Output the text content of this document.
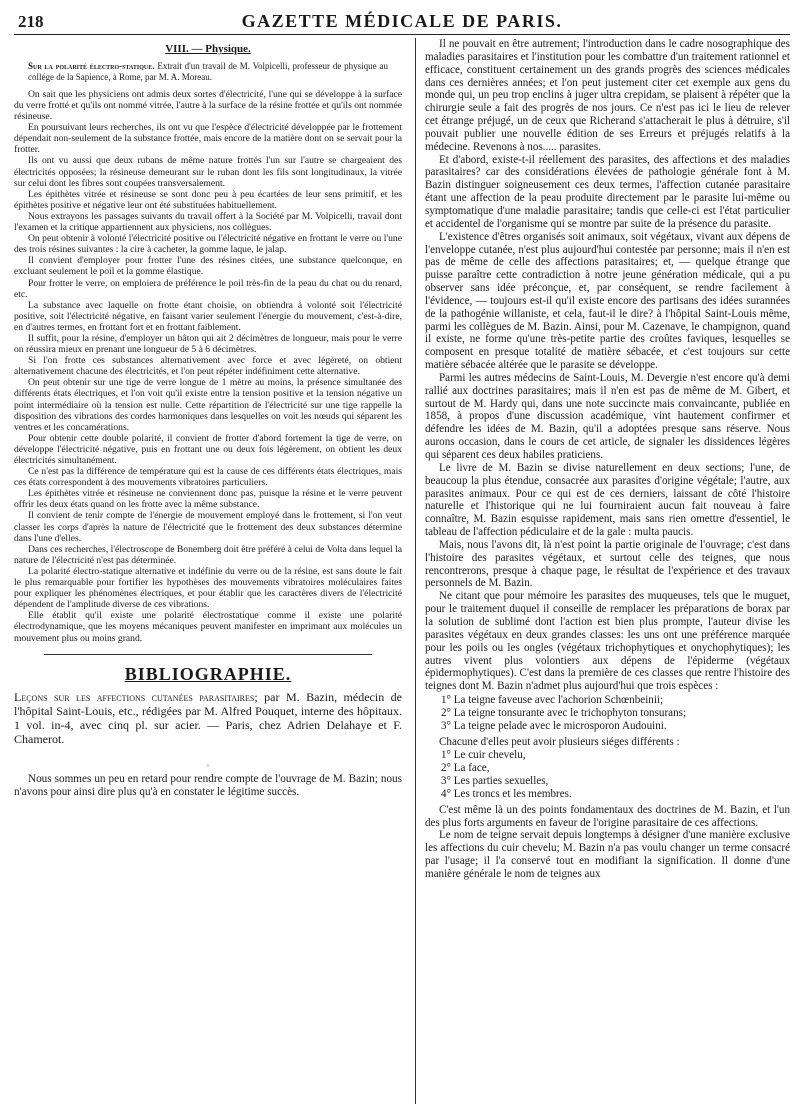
218	GAZETTE MÉDICALE DE PARIS.
VIII. — Physique.

Sur la polarité électro-statique. Extrait d'un travail de M. Volpicelli, professeur de physique au collége de la Sapience, à Rome, par M. A. Moreau.

On sait que les physiciens ont admis deux sortes d'électricité, l'une qui se développe à la surface du verre frotté et qu'ils ont nommé vitrée, l'autre à la surface de la résine frottée et qu'ils ont nommée résineuse.

En poursuivant leurs recherches, ils ont vu que l'espèce d'électricité développée par le frottement dépendait non-seulement de la substance frottée, mais encore de la matière dont on se servait pour la frotter.

Ils ont vu aussi que deux rubans de même nature frottés l'un sur l'autre se chargeaient des électricités opposées; la résineuse demeurant sur le ruban dont les fils sont longitudinaux, la vitrée sur celui dont les fibres sont coupées transversalement.

Les épithètes vitrée et résineuse se sont donc peu à peu écartées de leur sens primitif, et les épithètes positive et négative leur ont été substituées habituellement.

Nous extrayons les passages suivants du travail offert à la Société par M. Volpicelli, travail dont l'examen et la critique appartiennent aux physiciens, nos collègues.

On peut obtenir à volonté l'électricité positive ou l'électricité négative en frottant le verre ou l'une des trois résines suivantes : la cire à cacheter, la gomme laque, le jalap.

Il convient d'employer pour frotter l'une des résines citées, une substance quelconque, en excluant seulement le poil et la gomme élastique.

Pour frotter le verre, on emploiera de préférence le poil très-fin de la peau du chat ou du renard, etc.

La substance avec laquelle on frotte étant choisie, on obtiendra à volonté soit l'électricité positive, soit l'électricité négative, en faisant varier seulement l'énergie du mouvement, c'est-à-dire, en d'autres termes, en frottant fort et en frottant faiblement.

Il suffit, pour la résine, d'employer un bâton qui ait 2 décimètres de longueur, mais pour le verre on réussira mieux en prenant une longueur de 5 à 6 décimètres.

Si l'on frotte ces substances alternativement avec force et avec légèreté, on obtient alternativement chacune des électricités, et l'on peut répéter indéfiniment cette alternative.

On peut obtenir sur une tige de verre longue de 1 mètre au moins, la présence simultanée des différents états électriques, et l'on voit qu'il existe entre la tension positive et la tension négative un point intermédiaire où la tension est nulle. Cette répartition de l'électricité sur une tige rappelle la disposition des vibrations des cordes harmoniques dans lesquelles on voit les nœuds qui séparent les ventres et les concamérations.

Pour obtenir cette double polarité, il convient de frotter d'abord fortement la tige de verre, on développe l'électricité négative, puis en frottant une ou deux fois légèrement, on obtient les deux électricités simultanément.

Ce n'est pas la différence de température qui est la cause de ces différents états électriques, mais ces états correspondent à des mouvements vibratoires particuliers.

Les épithètes vitrée et résineuse ne conviennent donc pas, puisque la résine et le verre peuvent offrir les deux états quand on les frotte avec la même substance.

Il convient de tenir compte de l'énergie de mouvement employé dans le frottement, si l'on veut classer les corps d'après la nature de l'électricité que le frottement des deux substances détermine dans l'une d'elles.

Dans ces recherches, l'électroscope de Bonemberg doit être préféré à celui de Volta dans lequel la nature de l'électricité n'est pas déterminée.

La polarité électro-statique alternative et indéfinie du verre ou de la résine, est sans doute le fait le plus remarquable pour fortifier les hypothèses des mouvements vibratoires moléculaires faites pour expliquer les phénomènes électriques, et pour établir que les caractères divers de l'électricité dépendent de l'amplitude diverse de ces vibrations.

Elle établit qu'il existe une polarité électrostatique comme il existe une polarité électrodynamique, que les moyens mécaniques peuvent manifester en imprimant aux molécules un mouvement plus ou moins grand.

BIBLIOGRAPHIE.

Leçons sur les affections cutanées parasitaires; par M. Bazin, médecin de l'hôpital Saint-Louis, etc., rédigées par M. Alfred Pouquet, interne des hôpitaux. 1 vol. in-4, avec cinq pl. sur acier. — Paris, chez Adrien Delahaye et F. Chamerot.

▫

Nous sommes un peu en retard pour rendre compte de l'ouvrage de M. Bazin; nous n'avons pour ainsi dire plus qu'à en constater le légitime succès.

Il ne pouvait en être autrement; l'introduction dans le cadre nosographique des maladies parasitaires et l'institution pour les combattre d'un traitement rationnel et efficace, constituent certainement un des grands progrès des sciences médicales dans ces dernières années; et l'on peut justement citer cet exemple aux gens du monde qui, un peu trop enclins à juger ultra crepidam, se plaisent à répéter que la chirurgie seule a fait des progrès de nos jours. Ce n'est pas ici le lieu de relever cet étrange préjugé, un de ceux que Richerand s'attacherait le plus à détruire, s'il pouvait publier une nouvelle édition de ses Erreurs et préjugés relatifs à la médecine. Revenons à nos..... parasites.

Et d'abord, existe-t-il réellement des parasites, des affections et des maladies parasitaires? car des considérations élevées de pathologie générale font à M. Bazin distinguer soigneusement ces deux termes, l'affection cutanée parasitaire étant une affection de la peau produite directement par le parasite lui-même ou symptomatique d'une maladie parasitaire; tandis que celle-ci est l'état particulier et accidentel de l'organisme qui se montre par suite de la présence du parasite.

L'existence d'êtres organisés soit animaux, soit végétaux, vivant aux dépens de l'enveloppe cutanée, n'est plus aujourd'hui contestée par personne; mais il n'en est pas de même de celle des affections parasitaires; et, — quelque étrange que puisse paraître cette contradiction à notre jeune génération médicale, qui a pu observer sans idée préconçue, et, par conséquent, se rendre facilement à l'évidence, — toujours est-il qu'il existe encore des partisans des idées surannées de la pathogénie willaniste, et cela, faut-il le dire? à l'hôpital Saint-Louis même, parmi les collègues de M. Bazin. Ainsi, pour M. Cazenave, le champignon, quand il existe, ne forme qu'une très-petite partie des croûtes faviques, lesquelles se composent en presque totalité de matière sébacée, et c'est toujours sur cette matière sébacée altérée que le parasite se développe.

Parmi les autres médecins de Saint-Louis, M. Devergie n'est encore qu'à demi rallié aux doctrines parasitaires; mais il n'en est pas de même de M. Gibert, et surtout de M. Hardy qui, dans une note succincte mais convaincante, publiée en 1858, à propos d'une discussion académique, vint hautement confirmer et défendre les idées de M. Bazin, qu'il a adoptées presque sans réserve. Nous aurons occasion, dans le cours de cet article, de signaler les dissidences légères qui séparent ces deux habiles praticiens.

Le livre de M. Bazin se divise naturellement en deux sections; l'une, de beaucoup la plus étendue, consacrée aux parasites d'origine végétale; l'autre, aux parasites animaux. Pour ce qui est de ces derniers, laissant de côté l'histoire naturelle et l'historique qui ne lui fourniraient aucun fait nouveau à faire connaître, M. Bazin esquisse rapidement, mais sans rien omettre d'essentiel, le tableau de l'affection pédiculaire et de la gale : multa paucis.

Mais, nous l'avons dit, là n'est point la partie originale de l'ouvrage; c'est dans l'histoire des parasites végétaux, et surtout celle des teignes, que nous rencontrerons, presque à chaque page, le résultat de l'expérience et des travaux personnels de M. Bazin.

Ne citant que pour mémoire les parasites des muqueuses, tels que le muguet, pour le traitement duquel il conseille de remplacer les préparations de borax par la solution de sublimé dont l'action est bien plus prompte, l'auteur divise les parasites végétaux en deux grandes classes: les uns ont une préférence marquée pour les poils ou les ongles (végétaux trichophytiques et onychophytiques); les autres vivent plus volontiers aux dépens de l'épiderme (végétaux épidermophytiques). C'est dans la première de ces classes que rentre l'histoire des teignes dont M. Bazin n'admet plus aujourd'hui que trois espèces :

1° La teigne faveuse avec l'achorion Schœnbeinii;
2° La teigne tonsurante avec le trichophyton tonsurans;
3° La teigne pelade avec le microsporon Audouini.

Chacune d'elles peut avoir plusieurs siéges différents :

1° Le cuir chevelu,
2° La face,
3° Les parties sexuelles,
4° Les troncs et les membres.

C'est même là un des points fondamentaux des doctrines de M. Bazin, et l'un des plus forts arguments en faveur de l'origine parasitaire de ces affections.

Le nom de teigne servait depuis longtemps à désigner d'une manière exclusive les affections du cuir chevelu; M. Bazin n'a pas voulu changer un terme consacré par l'usage; il l'a conservé tout en modifiant la signification. Il donne d'une manière générale le nom de teignes aux
